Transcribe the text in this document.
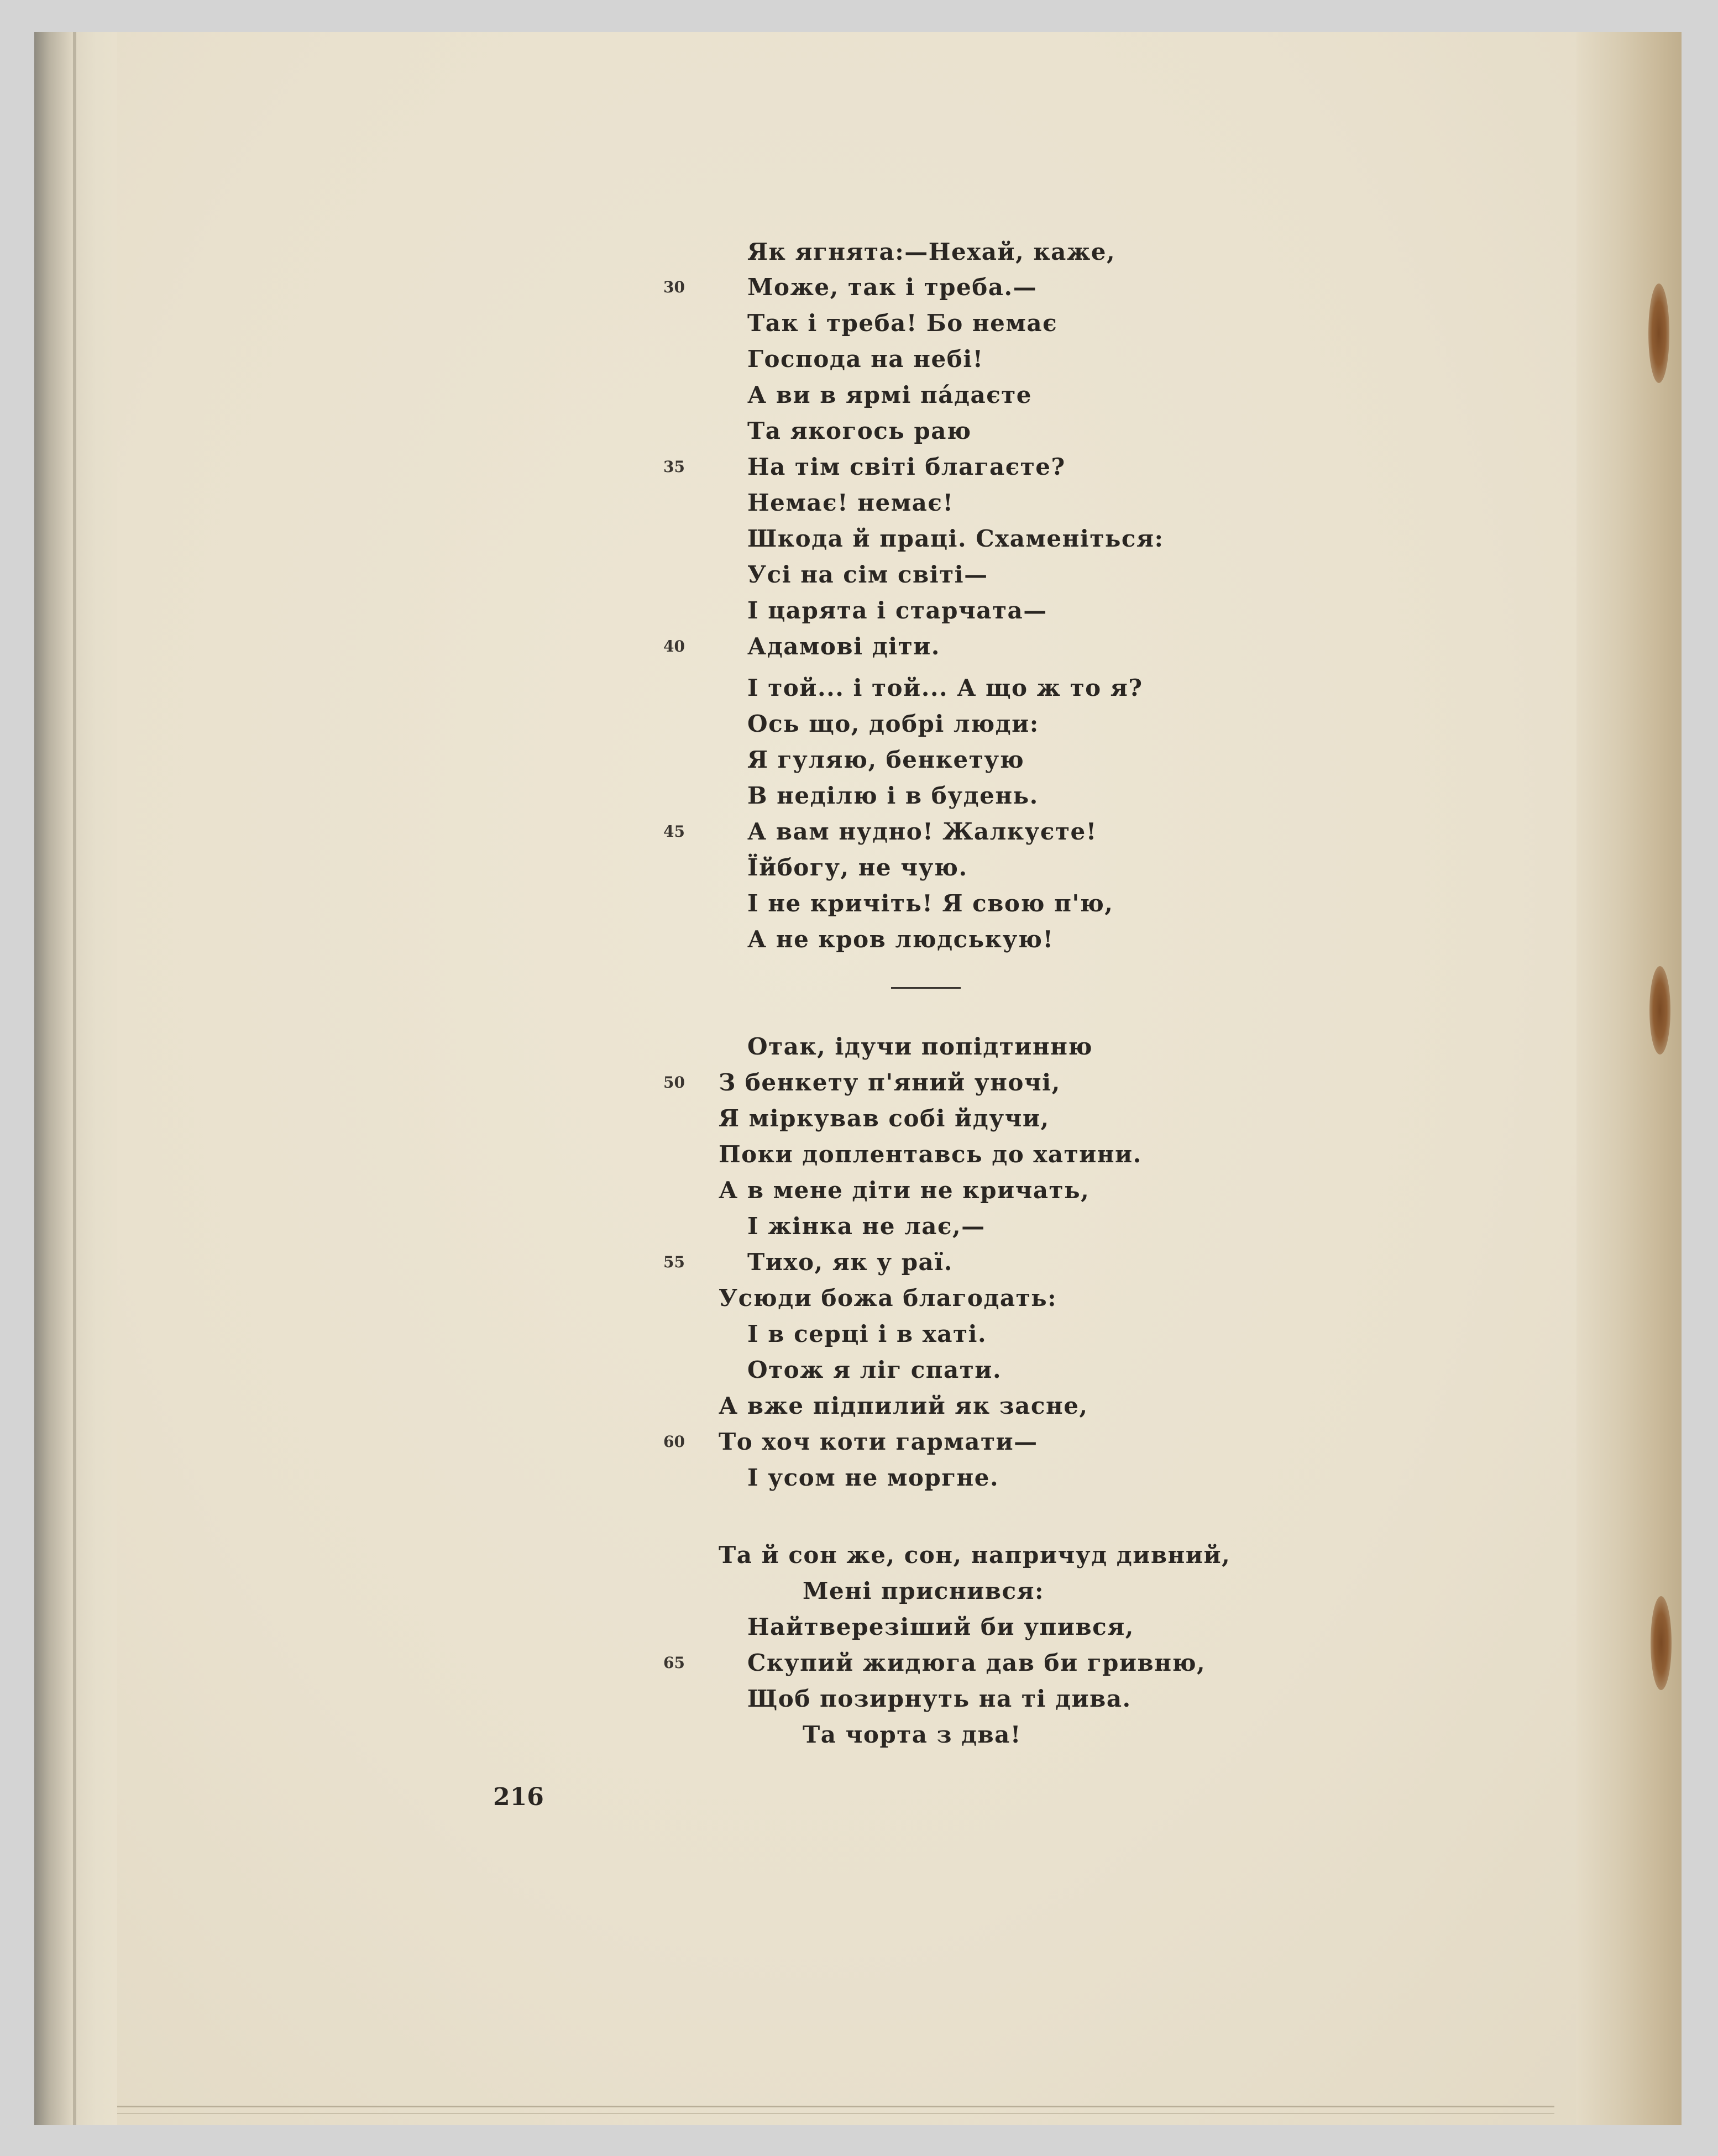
Як ягнята:—Нехай, кажe,
Може, так і треба.—
Так і треба! Бо немає
Господа на небі!
А ви в ярмі пáдаєте
Та якогось раю
На тім світі благаєте?
Немає! немає!
Шкода й праці. Схаменіться:
Усі на сім світі—
І царята і старчата—
Адамові діти.
І той... і той... А що ж то я?
Ось що, добрі люди:
Я гуляю, бенкетую
В неділю і в будень.
А вам нудно! Жалкуєте!
Їйбогу, не чую.
І не кричіть! Я свою п'ю,
А не кров людськую!
Отак, ідучи попідтинню
З бенкету п'яний уночі,
Я міркував собі йдучи,
Поки доплентавсь до хатини.
А в мене діти не кричать,
І жінка не лає,—
Тихо, як у раї.
Усюди божа благодать:
І в серці і в хаті.
Отож я ліг спати.
А вже підпилий як засне,
То хоч коти гармати—
І усом не моргне.
Та й сон же, сон, напричуд дивний,
Мені приснився:
Найтверезіший би упився,
Скупий жидюга дав би гривню,
Щоб позирнуть на ті дива.
Та чорта з два!
30
35
40
45
50
55
60
65
216
